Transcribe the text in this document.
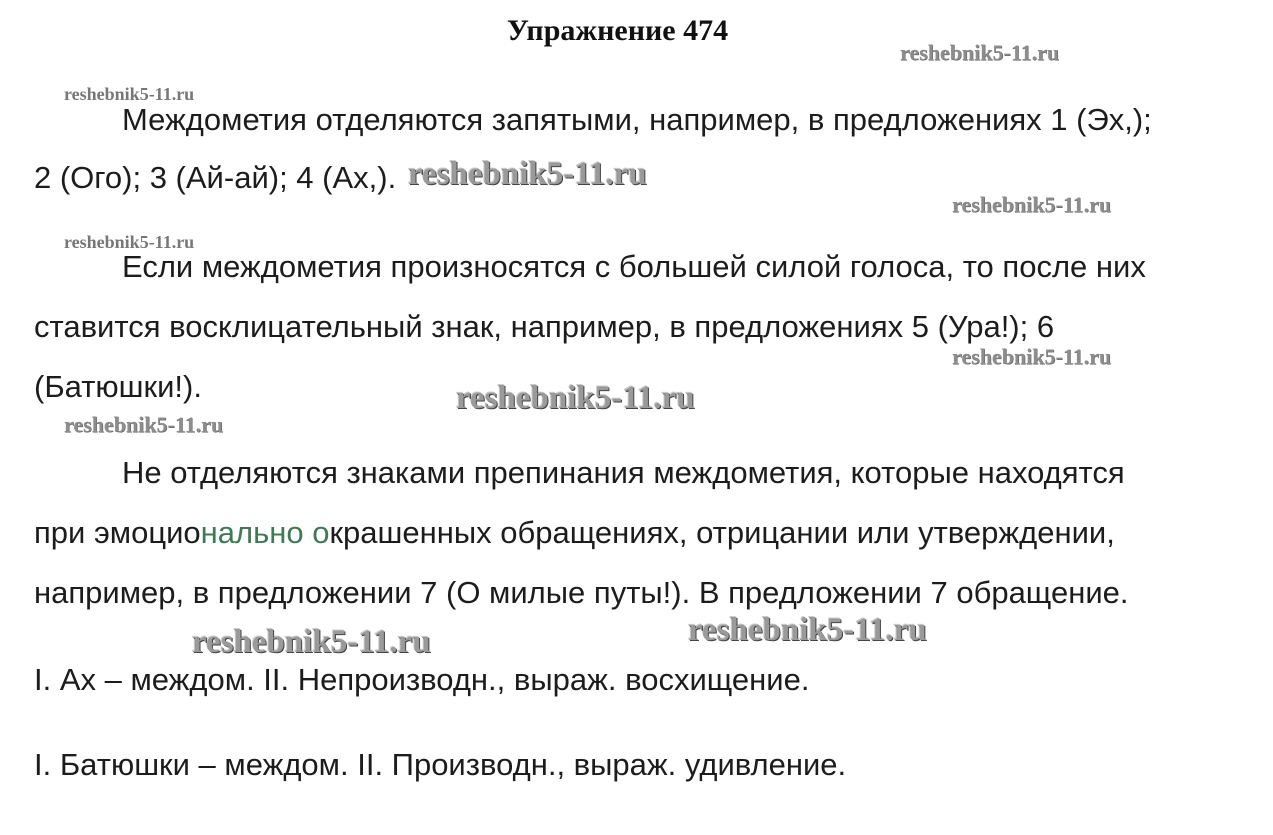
Упражнение 474
reshebnik5-11.ru
reshebnik5-11.ru
reshebnik5-11.ru
reshebnik5-11.ru
reshebnik5-11.ru
reshebnik5-11.ru
reshebnik5-11.ru
reshebnik5-11.ru
reshebnik5-11.ru	reshebnik5-11.ru
Междометия отделяются запятыми, например, в предложениях 1 (Эх,);
2 (Ого); 3 (Ай-ай); 4 (Ах,).
Если междометия произносятся с большей силой голоса, то после них
ставится восклицательный знак, например, в предложениях 5 (Ура!); 6
(Батюшки!).
Не отделяются знаками препинания междометия, которые находятся
при эмоционально окрашенных обращениях, отрицании или утверждении,
например, в предложении 7 (О милые путы!). В предложении 7 обращение.
I. Ах – междом. II. Непроизводн., выраж. восхищение.
I. Батюшки – междом. II. Производн., выраж. удивление.
